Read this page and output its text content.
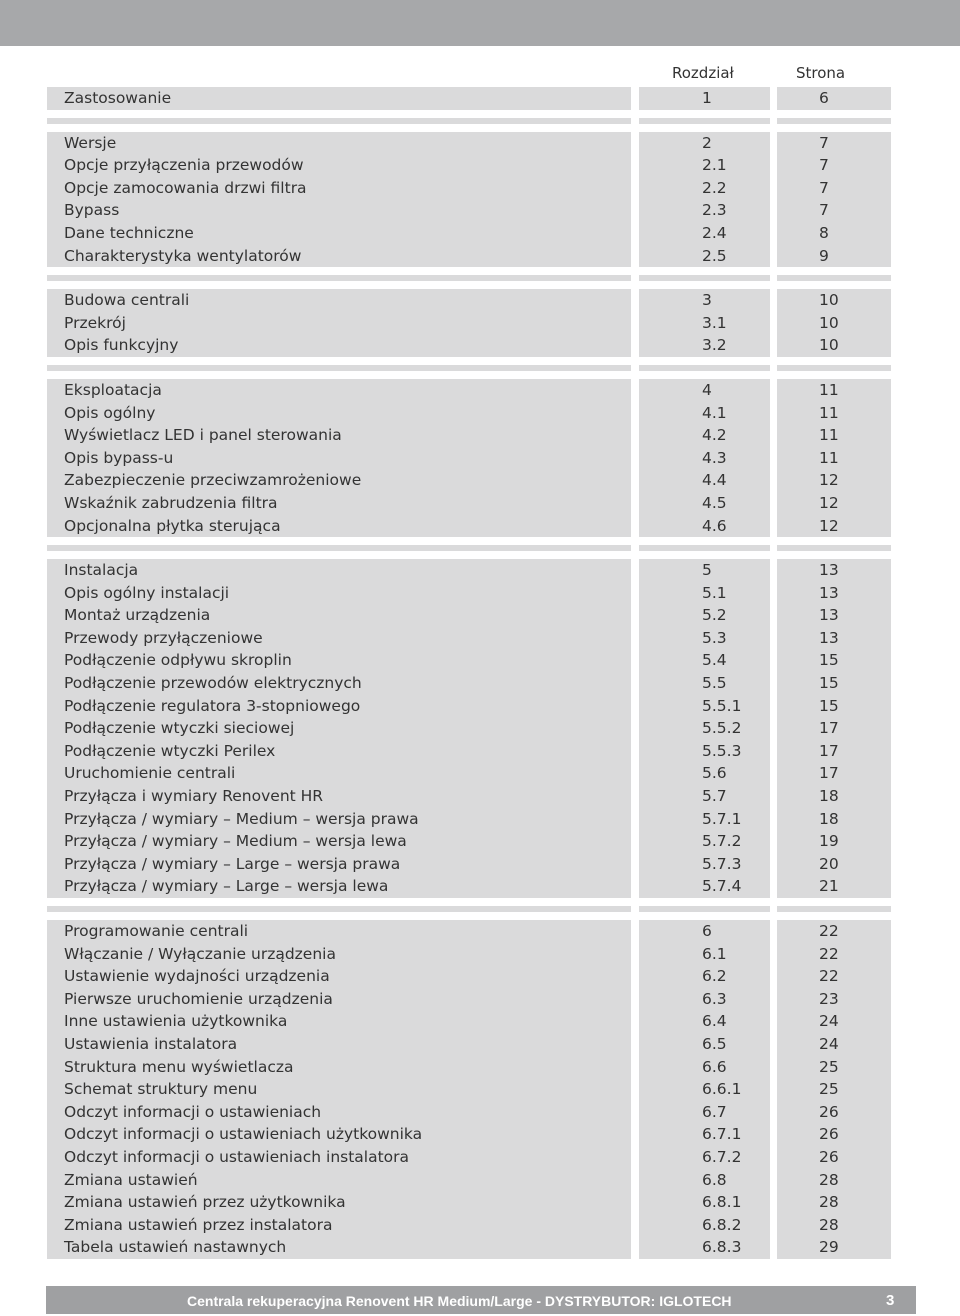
Rozdział	Strona
Zastosowanie	1	6
Wersje	2	7
Opcje przyłączenia przewodów	2.1	7
Opcje zamocowania drzwi filtra	2.2	7
Bypass	2.3	7
Dane techniczne	2.4	8
Charakterystyka wentylatorów	2.5	9
Budowa centrali	3	10
Przekrój	3.1	10
Opis funkcyjny	3.2	10
Eksploatacja	4	11
Opis ogólny	4.1	11
Wyświetlacz LED i panel sterowania	4.2	11
Opis bypass-u	4.3	11
Zabezpieczenie przeciwzamrożeniowe	4.4	12
Wskaźnik zabrudzenia filtra	4.5	12
Opcjonalna płytka sterująca	4.6	12
Instalacja	5	13
Opis ogólny instalacji	5.1	13
Montaż urządzenia	5.2	13
Przewody przyłączeniowe	5.3	13
Podłączenie odpływu skroplin	5.4	15
Podłączenie przewodów elektrycznych	5.5	15
Podłączenie regulatora 3-stopniowego	5.5.1	15
Podłączenie wtyczki sieciowej	5.5.2	17
Podłączenie wtyczki Perilex	5.5.3	17
Uruchomienie centrali	5.6	17
Przyłącza i wymiary Renovent HR	5.7	18
Przyłącza / wymiary – Medium – wersja prawa	5.7.1	18
Przyłącza / wymiary – Medium – wersja lewa	5.7.2	19
Przyłącza / wymiary – Large – wersja prawa	5.7.3	20
Przyłącza / wymiary – Large – wersja lewa	5.7.4	21
Programowanie centrali	6	22
Włączanie / Wyłączanie urządzenia	6.1	22
Ustawienie wydajności urządzenia	6.2	22
Pierwsze uruchomienie urządzenia	6.3	23
Inne ustawienia użytkownika	6.4	24
Ustawienia instalatora	6.5	24
Struktura menu wyświetlacza	6.6	25
Schemat struktury menu	6.6.1	25
Odczyt informacji o ustawieniach	6.7	26
Odczyt informacji o ustawieniach użytkownika	6.7.1	26
Odczyt informacji o ustawieniach instalatora	6.7.2	26
Zmiana ustawień	6.8	28
Zmiana ustawień przez użytkownika	6.8.1	28
Zmiana ustawień przez instalatora	6.8.2	28
Tabela ustawień nastawnych	6.8.3	29
Centrala rekuperacyjna Renovent HR Medium/Large - DYSTRYBUTOR: IGLOTECH	3
